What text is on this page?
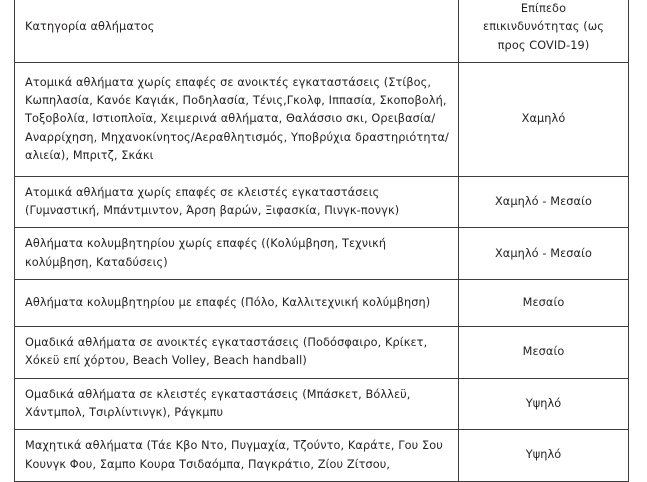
Κατηγορία αθλήματος	Επίπεδο
επικινδυνότητας (ως
προς COVID-19)
Ατομικά αθλήματα χωρίς επαφές σε ανοικτές εγκαταστάσεις (Στίβος, Κωπηλασία, Κανόε Καγιάκ, Ποδηλασία, Τένις,Γκολφ, Ιππασία, Σκοποβολή, Τοξοβολία, Ιστιοπλοϊα, Χειμερινά αθλήματα, Θαλάσσιο σκι, Ορειβασία/Αναρρίχηση, Μηχανοκίνητος/Αεραθλητισμός, Υποβρύχια δραστηριότητα/αλιεία), Μπριτζ, Σκάκι	Χαμηλό
Ατομικά αθλήματα χωρίς επαφές σε κλειστές εγκαταστάσεις (Γυμναστική, Μπάντμιντον, Άρση βαρών, Ξιφασκία, Πινγκ-πονγκ)	Χαμηλό - Μεσαίο
Αθλήματα κολυμβητηρίου χωρίς επαφές ((Κολύμβηση, Τεχνική κολύμβηση, Καταδύσεις)	Χαμηλό - Μεσαίο
Αθλήματα κολυμβητηρίου με επαφές (Πόλο, Καλλιτεχνική κολύμβηση)	Μεσαίο
Ομαδικά αθλήματα σε ανοικτές εγκαταστάσεις (Ποδόσφαιρο, Κρίκετ, Χόκεϋ επί χόρτου, Beach Volley, Beach handball)	Μεσαίο
Ομαδικά αθλήματα σε κλειστές εγκαταστάσεις (Μπάσκετ, Βόλλεϋ, Χάντμπολ, Τσιρλίντινγκ), Ράγκμπυ	Υψηλό
Μαχητικά αθλήματα (Τάε Κβο Ντο, Πυγμαχία, Τζούντο, Καράτε, Γου Σου Κουνγκ Φου, Σαμπο Κουρα Τσιδαόμπα, Παγκράτιο, Ζίου Ζίτσου,	Υψηλό
